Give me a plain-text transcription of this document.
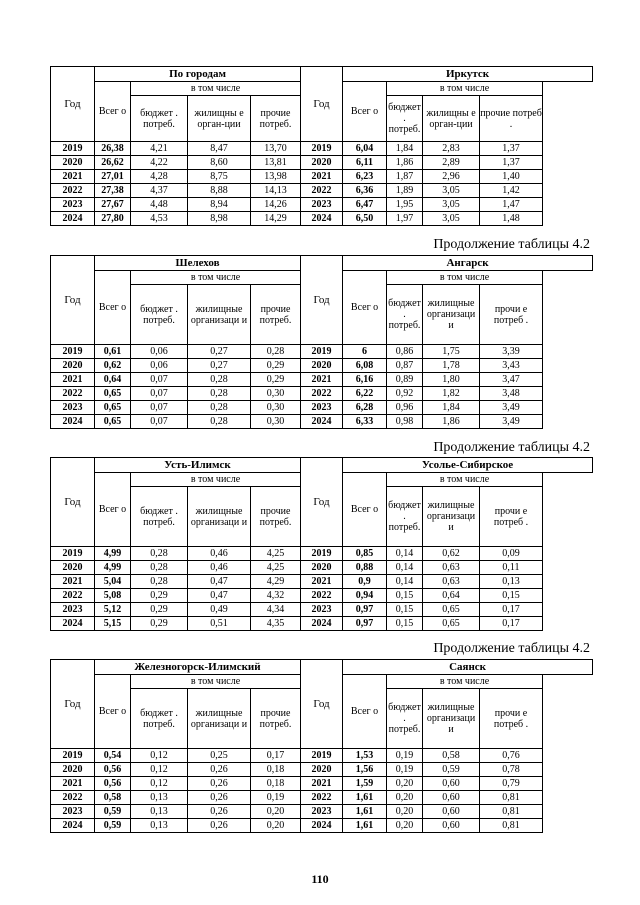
Год	По городам				Год	Иркутск			
	Всег о	в том числе				Всег о	в том числе		
		бюджет . потреб.	жилищны е орган-ции	прочие потреб.			бюджет . потреб.	жилищны е орган-ции	прочие потреб .
2019	26,38	4,21	8,47	13,70	2019	6,04	1,84	2,83	1,37
2020	26,62	4,22	8,60	13,81	2020	6,11	1,86	2,89	1,37
2021	27,01	4,28	8,75	13,98	2021	6,23	1,87	2,96	1,40
2022	27,38	4,37	8,88	14,13	2022	6,36	1,89	3,05	1,42
2023	27,67	4,48	8,94	14,26	2023	6,47	1,95	3,05	1,47
2024	27,80	4,53	8,98	14,29	2024	6,50	1,97	3,05	1,48
Продолжение таблицы 4.2
Год	Шелехов				Год	Ангарск			
	Всег о	в том числе				Всег о	в том числе		
		бюджет . потреб.	жилищные организаци и	прочие потреб.			бюджет . потреб.	жилищные организаци и	прочи е потреб .
2019	0,61	0,06	0,27	0,28	2019	6	0,86	1,75	3,39
2020	0,62	0,06	0,27	0,29	2020	6,08	0,87	1,78	3,43
2021	0,64	0,07	0,28	0,29	2021	6,16	0,89	1,80	3,47
2022	0,65	0,07	0,28	0,30	2022	6,22	0,92	1,82	3,48
2023	0,65	0,07	0,28	0,30	2023	6,28	0,96	1,84	3,49
2024	0,65	0,07	0,28	0,30	2024	6,33	0,98	1,86	3,49
Продолжение таблицы 4.2
Год	Усть-Илимск				Год	Усолье-Сибирское			
	Всег о	в том числе				Всег о	в том числе		
		бюджет . потреб.	жилищные организаци и	прочие потреб.			бюджет . потреб.	жилищные организаци и	прочи е потреб .
2019	4,99	0,28	0,46	4,25	2019	0,85	0,14	0,62	0,09
2020	4,99	0,28	0,46	4,25	2020	0,88	0,14	0,63	0,11
2021	5,04	0,28	0,47	4,29	2021	0,9	0,14	0,63	0,13
2022	5,08	0,29	0,47	4,32	2022	0,94	0,15	0,64	0,15
2023	5,12	0,29	0,49	4,34	2023	0,97	0,15	0,65	0,17
2024	5,15	0,29	0,51	4,35	2024	0,97	0,15	0,65	0,17
Продолжение таблицы 4.2
Год	Железногорск-Илимский				Год	Саянск			
	Всег о	в том числе				Всег о	в том числе		
		бюджет . потреб.	жилищные организаци и	прочие потреб.			бюджет . потреб.	жилищные организаци и	прочи е потреб .
2019	0,54	0,12	0,25	0,17	2019	1,53	0,19	0,58	0,76
2020	0,56	0,12	0,26	0,18	2020	1,56	0,19	0,59	0,78
2021	0,56	0,12	0,26	0,18	2021	1,59	0,20	0,60	0,79
2022	0,58	0,13	0,26	0,19	2022	1,61	0,20	0,60	0,81
2023	0,59	0,13	0,26	0,20	2023	1,61	0,20	0,60	0,81
2024	0,59	0,13	0,26	0,20	2024	1,61	0,20	0,60	0,81
110
